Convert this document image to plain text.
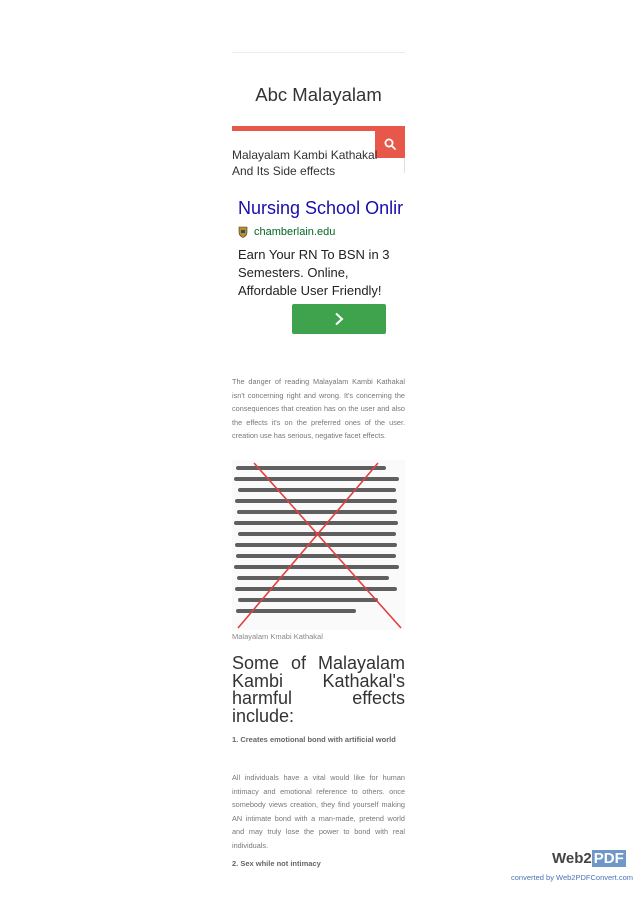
Abc Malayalam
Malayalam Kambi Kathakal And Its Side effects
Nursing School Onlir
chamberlain.edu
Earn Your RN To BSN in 3 Semesters. Online, Affordable User Friendly!
The danger of reading Malayalam Kambi Kathakal isn't concerning right and wrong. It's concerning the consequences that creation has on the user and also the effects it's on the preferred ones of the user. creation use has serious, negative facet effects.
Malayalam Kmabi Kathakal
Some of Malayalam Kambi Kathakal's harmful effects include:
1. Creates emotional bond with artificial world
All individuals have a vital would like for human intimacy and emotional reference to others. once somebody views creation, they find yourself making AN intimate bond with a man-made, pretend world and may truly lose the power to bond with real individuals.
2. Sex while not intimacy	Web2 PDF
converted by Web2PDFConvert.com
